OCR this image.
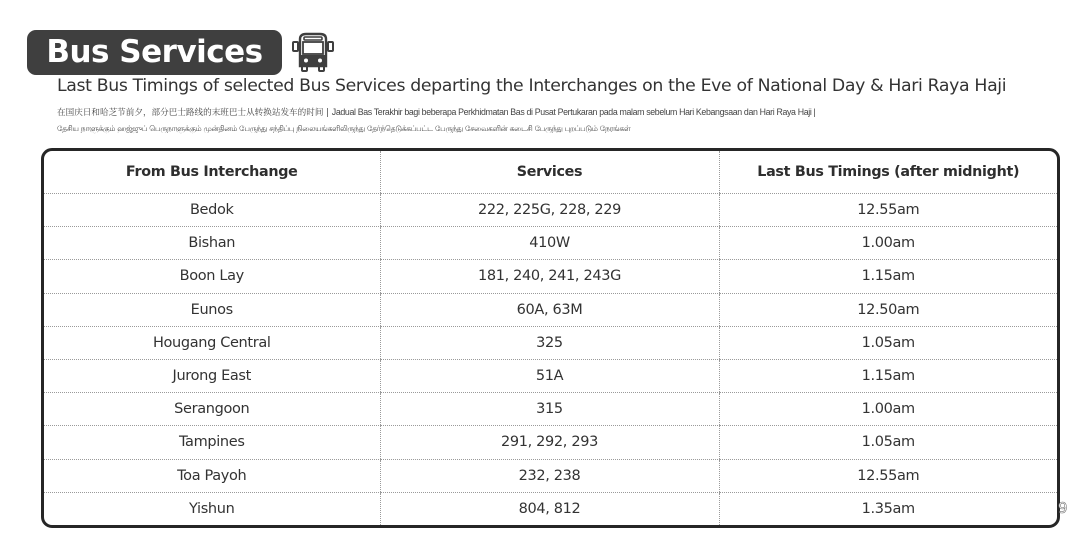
Bus Services
Last Bus Timings of selected Bus Services departing the Interchanges on the Eve of National Day & Hari Raya Haji
在国庆日和哈芝节前夕，部分巴士路线的末班巴士从转换站发车的时间 | Jadual Bas Terakhir bagi beberapa Perkhidmatan Bas di Pusat Pertukaran pada malam sebelum Hari Kebangsaan dan Hari Raya Haji |
தேசிய நாளுக்கும் ஹஜ்ஜுப் பெருநாளுக்கும் முன்தினம் பேருந்து சந்திப்பு நிலையங்களிலிருந்து தேர்ந்தெடுக்கப்பட்ட பேருந்து சேவைகளின் கடைசி பேருந்து புறப்படும் நேரங்கள்
From Bus Interchange	Services	Last Bus Timings (after midnight)
Bedok	222, 225G, 228, 229	12.55am
Bishan	410W	1.00am
Boon Lay	181, 240, 241, 243G	1.15am
Eunos	60A, 63M	12.50am
Hougang Central	325	1.05am
Jurong East	51A	1.15am
Serangoon	315	1.00am
Tampines	291, 292, 293	1.05am
Toa Payoh	232, 238	12.55am
Yishun	804, 812	1.35am	9
